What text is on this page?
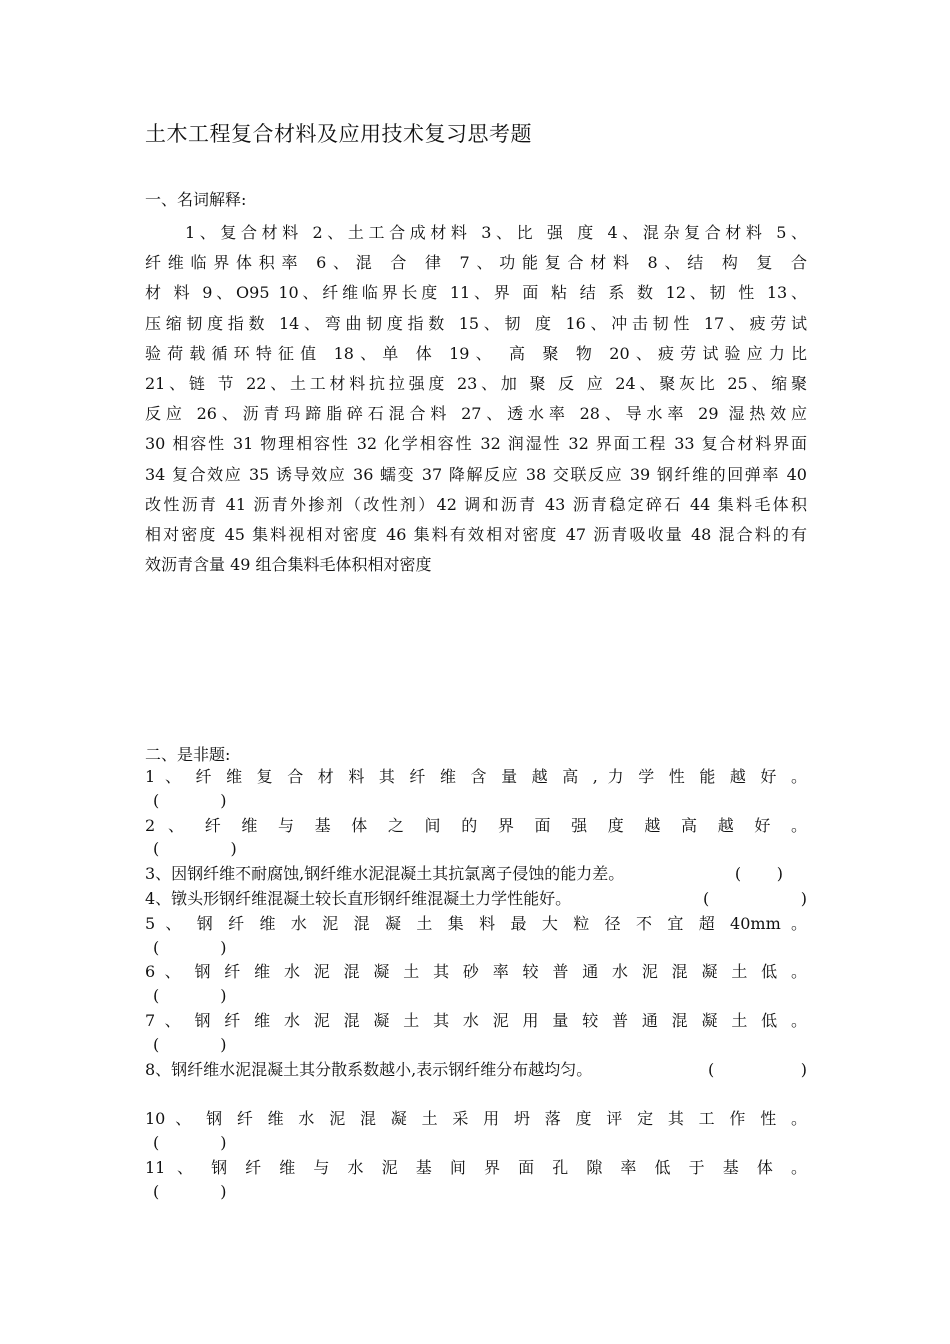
土木工程复合材料及应用技术复习思考题
一、名词解释:
1、复合材料 2、土工合成材料 3、比 强 度 4、混杂复合材料 5、
纤维临界体积率 6、混 合 律 7、功能复合材料 8、结 构 复 合
材 料 9、O95 10、纤维临界长度 11、界 面 粘 结 系 数 12、韧 性 13、
压缩韧度指数 14、弯曲韧度指数 15、韧 度 16、冲击韧性 17、疲劳试
验荷载循环特征值 18、单 体 19、 高 聚 物 20、疲劳试验应力比
21、链 节 22、土工材料抗拉强度 23、加 聚 反 应 24、聚灰比 25、缩聚
反应 26、沥青玛蹄脂碎石混合料 27、透水率 28、导水率 29 湿热效应
30 相容性 31 物理相容性 32 化学相容性 32 润湿性 32 界面工程 33 复合材料界面
34 复合效应 35 诱导效应 36 蠕变 37 降解反应 38 交联反应 39 钢纤维的回弹率 40
改性沥青 41 沥青外掺剂（改性剂）42 调和沥青 43 沥青稳定碎石 44 集料毛体积
相对密度 45 集料视相对密度 46 集料有效相对密度 47 沥青吸收量 48 混合料的有
效沥青含量 49 组合集料毛体积相对密度
二、是非题:
1 、 纤 维 复 合 材 料 其 纤 维 含 量 越 高 , 力 学 性 能 越 好 。
(            )
2 、 纤 维 与 基 体 之 间 的 界 面 强 度 越 高 越 好 。
(              )
3、因钢纤维不耐腐蚀,钢纤维水泥混凝土其抗氯离子侵蚀的能力差。	(       )
4、镦头形钢纤维混凝土较长直形钢纤维混凝土力学性能好。	(                  )
5 、 钢 纤 维 水 泥 混 凝 土 集 料 最 大 粒 径 不 宜 超 40mm 。
(            )
6 、 钢 纤 维 水 泥 混 凝 土 其 砂 率 较 普 通 水 泥 混 凝 土 低 。
(            )
7 、 钢 纤 维 水 泥 混 凝 土 其 水 泥 用 量 较 普 通 混 凝 土 低 。
(            )
8、钢纤维水泥混凝土其分散系数越小,表示钢纤维分布越均匀。	(                 )

10 、 钢 纤 维 水 泥 混 凝 土 采 用 坍 落 度 评 定 其 工 作 性 。
(            )
11 、 钢 纤 维 与 水 泥 基 间 界 面 孔 隙 率 低 于 基 体 。
(            )
